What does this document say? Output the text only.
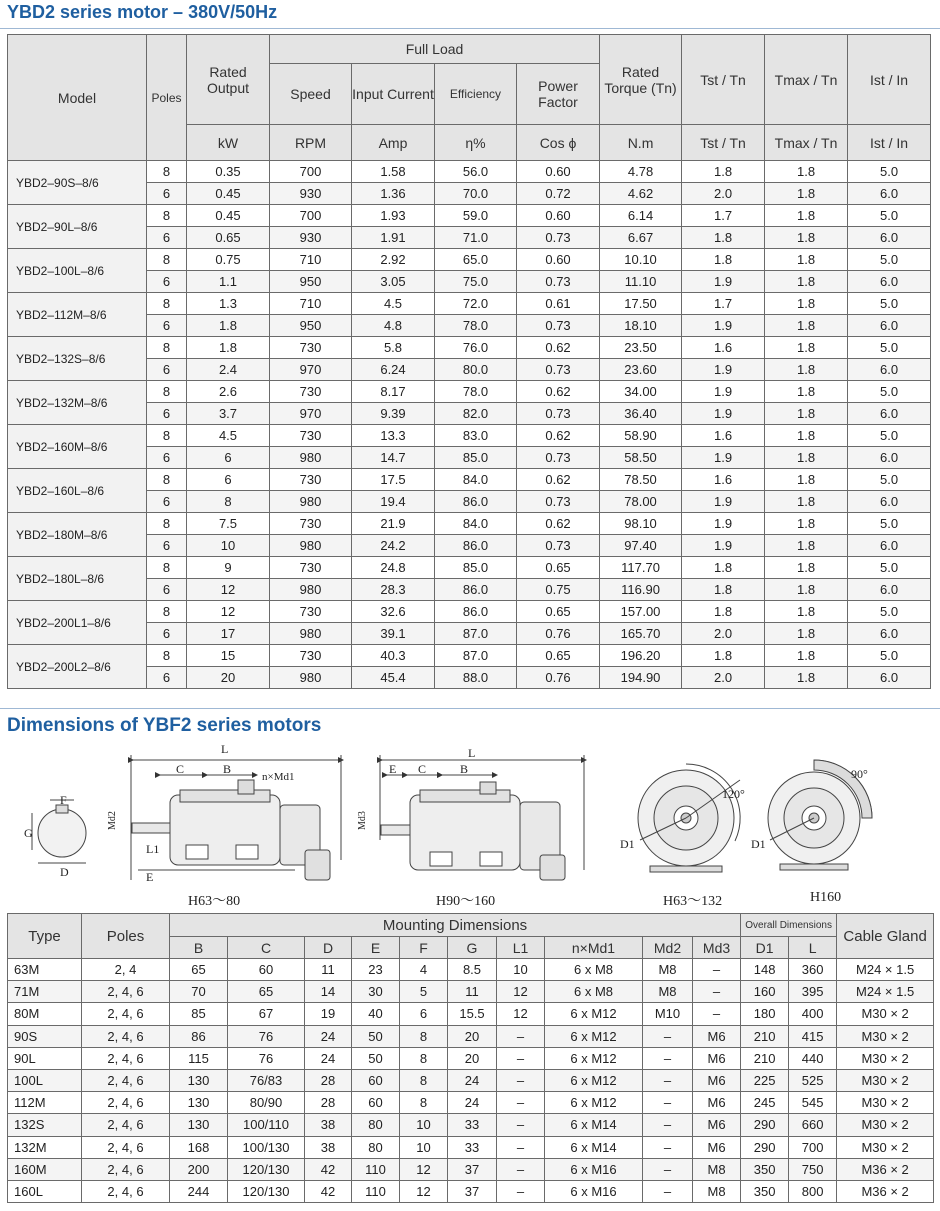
YBD2 series motor – 380V/50Hz
Model	Poles	Rated Output	Full Load				Rated Torque (Tn)	Tst / Tn	Tmax / Tn	Ist / In
			Speed	Input Current	Efficiency	Power Factor				
		kW	RPM	Amp	η%	Cos ϕ	N.m	Tst / Tn	Tmax / Tn	Ist / In
YBD2–90S–8/6	8	0.35	700	1.58	56.0	0.60	4.78	1.8	1.8	5.0
	6	0.45	930	1.36	70.0	0.72	4.62	2.0	1.8	6.0
YBD2–90L–8/6	8	0.45	700	1.93	59.0	0.60	6.14	1.7	1.8	5.0
	6	0.65	930	1.91	71.0	0.73	6.67	1.8	1.8	6.0
YBD2–100L–8/6	8	0.75	710	2.92	65.0	0.60	10.10	1.8	1.8	5.0
	6	1.1	950	3.05	75.0	0.73	11.10	1.9	1.8	6.0
YBD2–112M–8/6	8	1.3	710	4.5	72.0	0.61	17.50	1.7	1.8	5.0
	6	1.8	950	4.8	78.0	0.73	18.10	1.9	1.8	6.0
YBD2–132S–8/6	8	1.8	730	5.8	76.0	0.62	23.50	1.6	1.8	5.0
	6	2.4	970	6.24	80.0	0.73	23.60	1.9	1.8	6.0
YBD2–132M–8/6	8	2.6	730	8.17	78.0	0.62	34.00	1.9	1.8	5.0
	6	3.7	970	9.39	82.0	0.73	36.40	1.9	1.8	6.0
YBD2–160M–8/6	8	4.5	730	13.3	83.0	0.62	58.90	1.6	1.8	5.0
	6	6	980	14.7	85.0	0.73	58.50	1.9	1.8	6.0
YBD2–160L–8/6	8	6	730	17.5	84.0	0.62	78.50	1.6	1.8	5.0
	6	8	980	19.4	86.0	0.73	78.00	1.9	1.8	6.0
YBD2–180M–8/6	8	7.5	730	21.9	84.0	0.62	98.10	1.9	1.8	5.0
	6	10	980	24.2	86.0	0.73	97.40	1.9	1.8	6.0
YBD2–180L–8/6	8	9	730	24.8	85.0	0.65	117.70	1.8	1.8	5.0
	6	12	980	28.3	86.0	0.75	116.90	1.8	1.8	6.0
YBD2–200L1–8/6	8	12	730	32.6	86.0	0.65	157.00	1.8	1.8	5.0
	6	17	980	39.1	87.0	0.76	165.70	2.0	1.8	6.0
YBD2–200L2–8/6	8	15	730	40.3	87.0	0.65	196.20	1.8	1.8	5.0
	6	20	980	45.4	88.0	0.76	194.90	2.0	1.8	6.0
Dimensions of YBF2 series motors
L
C	B
n×Md1
Md2
L1
E
F
G
D
L
E C	B
Md3
120°
D1
90°
D1
H63～80	H90～160	H63～132	H160
Type	Poles	Mounting Dimensions										Overall Dimensions		Cable Gland
		B	C	D	E	F	G	L1	n×Md1	Md2	Md3	D1	L	
63M	2, 4	65	60	11	23	4	8.5	10	6 x M8	M8	–	148	360	M24 × 1.5
71M	2, 4, 6	70	65	14	30	5	11	12	6 x M8	M8	–	160	395	M24 × 1.5
80M	2, 4, 6	85	67	19	40	6	15.5	12	6 x M12	M10	–	180	400	M30 × 2
90S	2, 4, 6	86	76	24	50	8	20	–	6 x M12	–	M6	210	415	M30 × 2
90L	2, 4, 6	115	76	24	50	8	20	–	6 x M12	–	M6	210	440	M30 × 2
100L	2, 4, 6	130	76/83	28	60	8	24	–	6 x M12	–	M6	225	525	M30 × 2
112M	2, 4, 6	130	80/90	28	60	8	24	–	6 x M12	–	M6	245	545	M30 × 2
132S	2, 4, 6	130	100/110	38	80	10	33	–	6 x M14	–	M6	290	660	M30 × 2
132M	2, 4, 6	168	100/130	38	80	10	33	–	6 x M14	–	M6	290	700	M30 × 2
160M	2, 4, 6	200	120/130	42	110	12	37	–	6 x M16	–	M8	350	750	M36 × 2
160L	2, 4, 6	244	120/130	42	110	12	37	–	6 x M16	–	M8	350	800	M36 × 2
